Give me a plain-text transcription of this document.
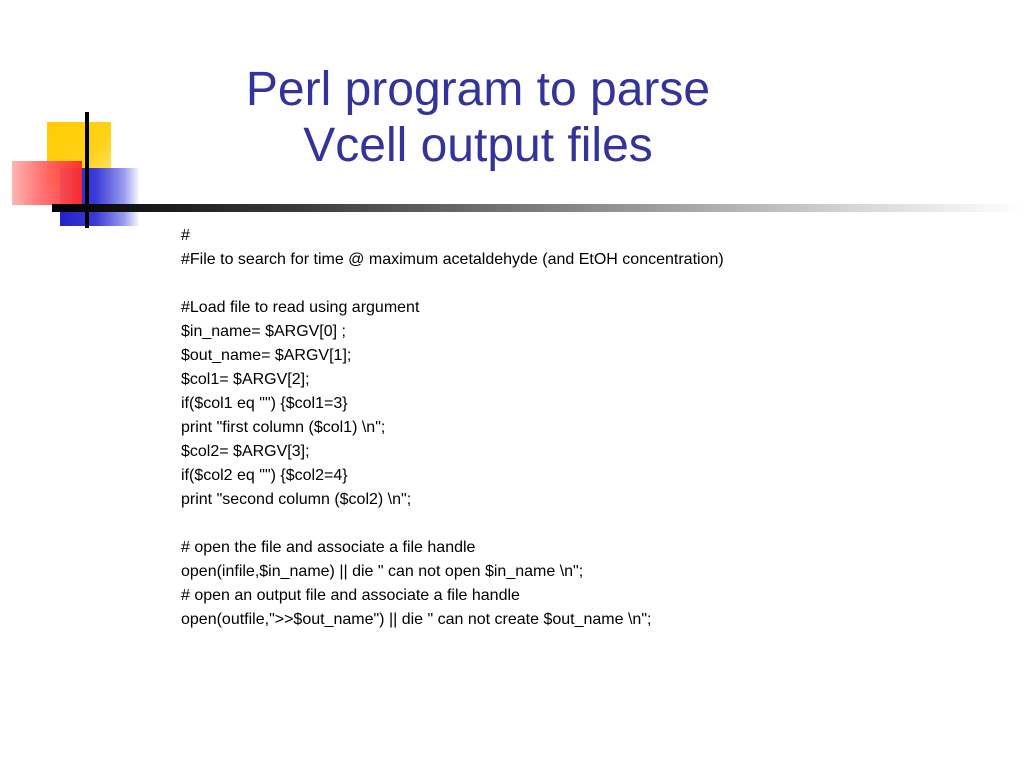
Perl program to parse
Vcell output files
#
#File to search for time @ maximum acetaldehyde (and EtOH concentration)
#Load file to read using argument
$in_name= $ARGV[0] ;
$out_name= $ARGV[1];
$col1= $ARGV[2];
if($col1 eq "") {$col1=3}
print "first column ($col1) \n";
$col2= $ARGV[3];
if($col2 eq "") {$col2=4}
print "second column ($col2) \n";
# open the file and associate a file handle
open(infile,$in_name) || die " can not open $in_name \n";
# open an output file and associate a file handle
open(outfile,">>$out_name") || die " can not create $out_name \n";
